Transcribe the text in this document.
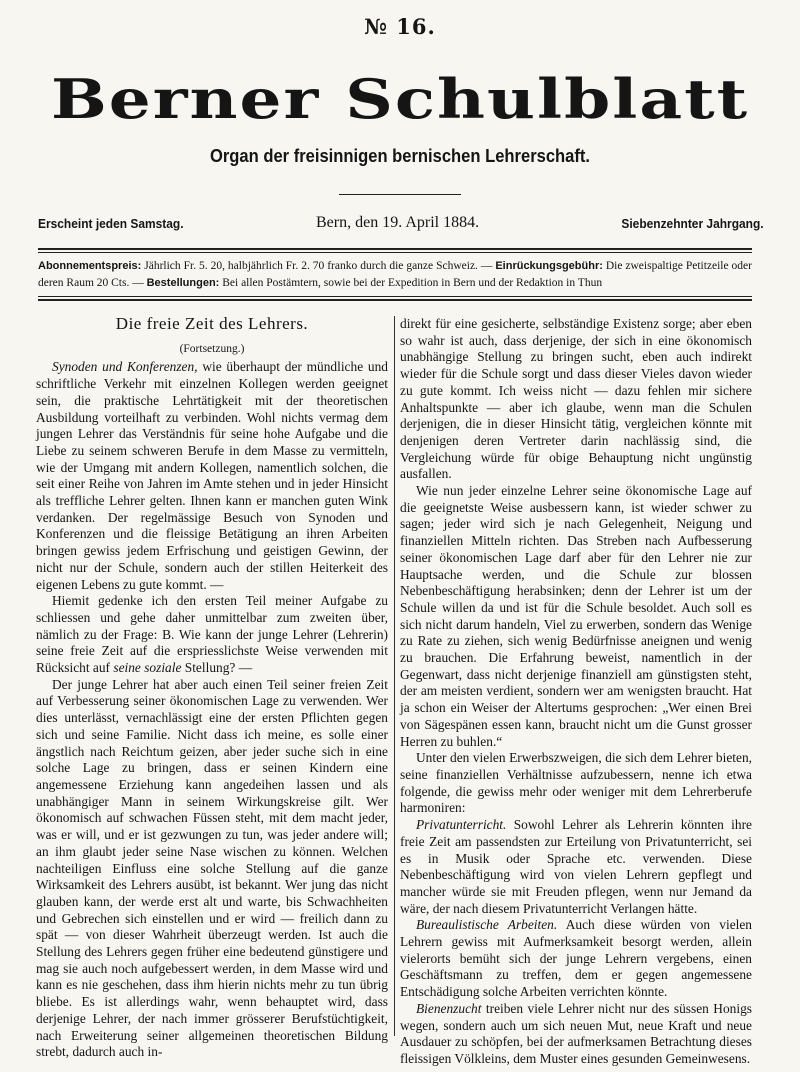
№ 16.
Berner Schulblatt
Organ der freisinnigen bernischen Lehrerschaft.
Erscheint jeden Samstag.	Bern, den 19. April 1884.	Siebenzehnter Jahrgang.
Abonnementspreis: Jährlich Fr. 5. 20, halbjährlich Fr. 2. 70 franko durch die ganze Schweiz. — Einrückungsgebühr: Die zweispaltige Petitzeile oder deren Raum 20 Cts. — Bestellungen: Bei allen Postämtern, sowie bei der Expedition in Bern und der Redaktion in Thun
Die freie Zeit des Lehrers.
(Fortsetzung.)

Synoden und Konferenzen, wie überhaupt der mündliche und schriftliche Verkehr mit einzelnen Kollegen werden geeignet sein, die praktische Lehrtätigkeit mit der theoretischen Ausbildung vorteilhaft zu verbinden. Wohl nichts vermag dem jungen Lehrer das Verständnis für seine hohe Aufgabe und die Liebe zu seinem schweren Berufe in dem Masse zu vermitteln, wie der Umgang mit andern Kollegen, namentlich solchen, die seit einer Reihe von Jahren im Amte stehen und in jeder Hinsicht als treffliche Lehrer gelten. Ihnen kann er manchen guten Wink verdanken. Der regelmässige Besuch von Synoden und Konferenzen und die fleissige Betätigung an ihren Arbeiten bringen gewiss jedem Erfrischung und geistigen Gewinn, der nicht nur der Schule, sondern auch der stillen Heiterkeit des eigenen Lebens zu gute kommt. —

Hiemit gedenke ich den ersten Teil meiner Aufgabe zu schliessen und gehe daher unmittelbar zum zweiten über, nämlich zu der Frage: B. Wie kann der junge Lehrer (Lehrerin) seine freie Zeit auf die erspriesslichste Weise verwenden mit Rücksicht auf seine soziale Stellung? —

Der junge Lehrer hat aber auch einen Teil seiner freien Zeit auf Verbesserung seiner ökonomischen Lage zu verwenden. Wer dies unterlässt, vernachlässigt eine der ersten Pflichten gegen sich und seine Familie. Nicht dass ich meine, es solle einer ängstlich nach Reichtum geizen, aber jeder suche sich in eine solche Lage zu bringen, dass er seinen Kindern eine angemessene Erziehung kann angedeihen lassen und als unabhängiger Mann in seinem Wirkungskreise gilt. Wer ökonomisch auf schwachen Füssen steht, mit dem macht jeder, was er will, und er ist gezwungen zu tun, was jeder andere will; an ihm glaubt jeder seine Nase wischen zu können. Welchen nachteiligen Einfluss eine solche Stellung auf die ganze Wirksamkeit des Lehrers ausübt, ist bekannt. Wer jung das nicht glauben kann, der werde erst alt und warte, bis Schwachheiten und Gebrechen sich einstellen und er wird — freilich dann zu spät — von dieser Wahrheit überzeugt werden. Ist auch die Stellung des Lehrers gegen früher eine bedeutend günstigere und mag sie auch noch aufgebessert werden, in dem Masse wird und kann es nie geschehen, dass ihm hierin nichts mehr zu tun übrig bliebe. Es ist allerdings wahr, wenn behauptet wird, dass derjenige Lehrer, der nach immer grösserer Berufstüchtigkeit, nach Erweiterung seiner allgemeinen theoretischen Bildung strebt, dadurch auch in-

direkt für eine gesicherte, selbständige Existenz sorge; aber eben so wahr ist auch, dass derjenige, der sich in eine ökonomisch unabhängige Stellung zu bringen sucht, eben auch indirekt wieder für die Schule sorgt und dass dieser Vieles davon wieder zu gute kommt. Ich weiss nicht — dazu fehlen mir sichere Anhaltspunkte — aber ich glaube, wenn man die Schulen derjenigen, die in dieser Hinsicht tätig, vergleichen könnte mit denjenigen deren Vertreter darin nachlässig sind, die Vergleichung würde für obige Behauptung nicht ungünstig ausfallen.

Wie nun jeder einzelne Lehrer seine ökonomische Lage auf die geeignetste Weise ausbessern kann, ist wieder schwer zu sagen; jeder wird sich je nach Gelegenheit, Neigung und finanziellen Mitteln richten. Das Streben nach Aufbesserung seiner ökonomischen Lage darf aber für den Lehrer nie zur Hauptsache werden, und die Schule zur blossen Nebenbeschäftigung herabsinken; denn der Lehrer ist um der Schule willen da und ist für die Schule besoldet. Auch soll es sich nicht darum handeln, Viel zu erwerben, sondern das Wenige zu Rate zu ziehen, sich wenig Bedürfnisse aneignen und wenig zu brauchen. Die Erfahrung beweist, namentlich in der Gegenwart, dass nicht derjenige finanziell am günstigsten steht, der am meisten verdient, sondern wer am wenigsten braucht. Hat ja schon ein Weiser der Altertums gesprochen: „Wer einen Brei von Sägespänen essen kann, braucht nicht um die Gunst grosser Herren zu buhlen.“

Unter den vielen Erwerbszweigen, die sich dem Lehrer bieten, seine finanziellen Verhältnisse aufzubessern, nenne ich etwa folgende, die gewiss mehr oder weniger mit dem Lehrerberufe harmoniren:

Privatunterricht. Sowohl Lehrer als Lehrerin könnten ihre freie Zeit am passendsten zur Erteilung von Privatunterricht, sei es in Musik oder Sprache etc. verwenden. Diese Nebenbeschäftigung wird von vielen Lehrern gepflegt und mancher würde sie mit Freuden pflegen, wenn nur Jemand da wäre, der nach diesem Privatunterricht Verlangen hätte.

Bureaulistische Arbeiten. Auch diese würden von vielen Lehrern gewiss mit Aufmerksamkeit besorgt werden, allein vielerorts bemüht sich der junge Lehrern vergebens, einen Geschäftsmann zu treffen, dem er gegen angemessene Entschädigung solche Arbeiten verrichten könnte.

Bienenzucht treiben viele Lehrer nicht nur des süssen Honigs wegen, sondern auch um sich neuen Mut, neue Kraft und neue Ausdauer zu schöpfen, bei der aufmerksamen Betrachtung dieses fleissigen Völkleins, dem Muster eines gesunden Gemeinwesens.
